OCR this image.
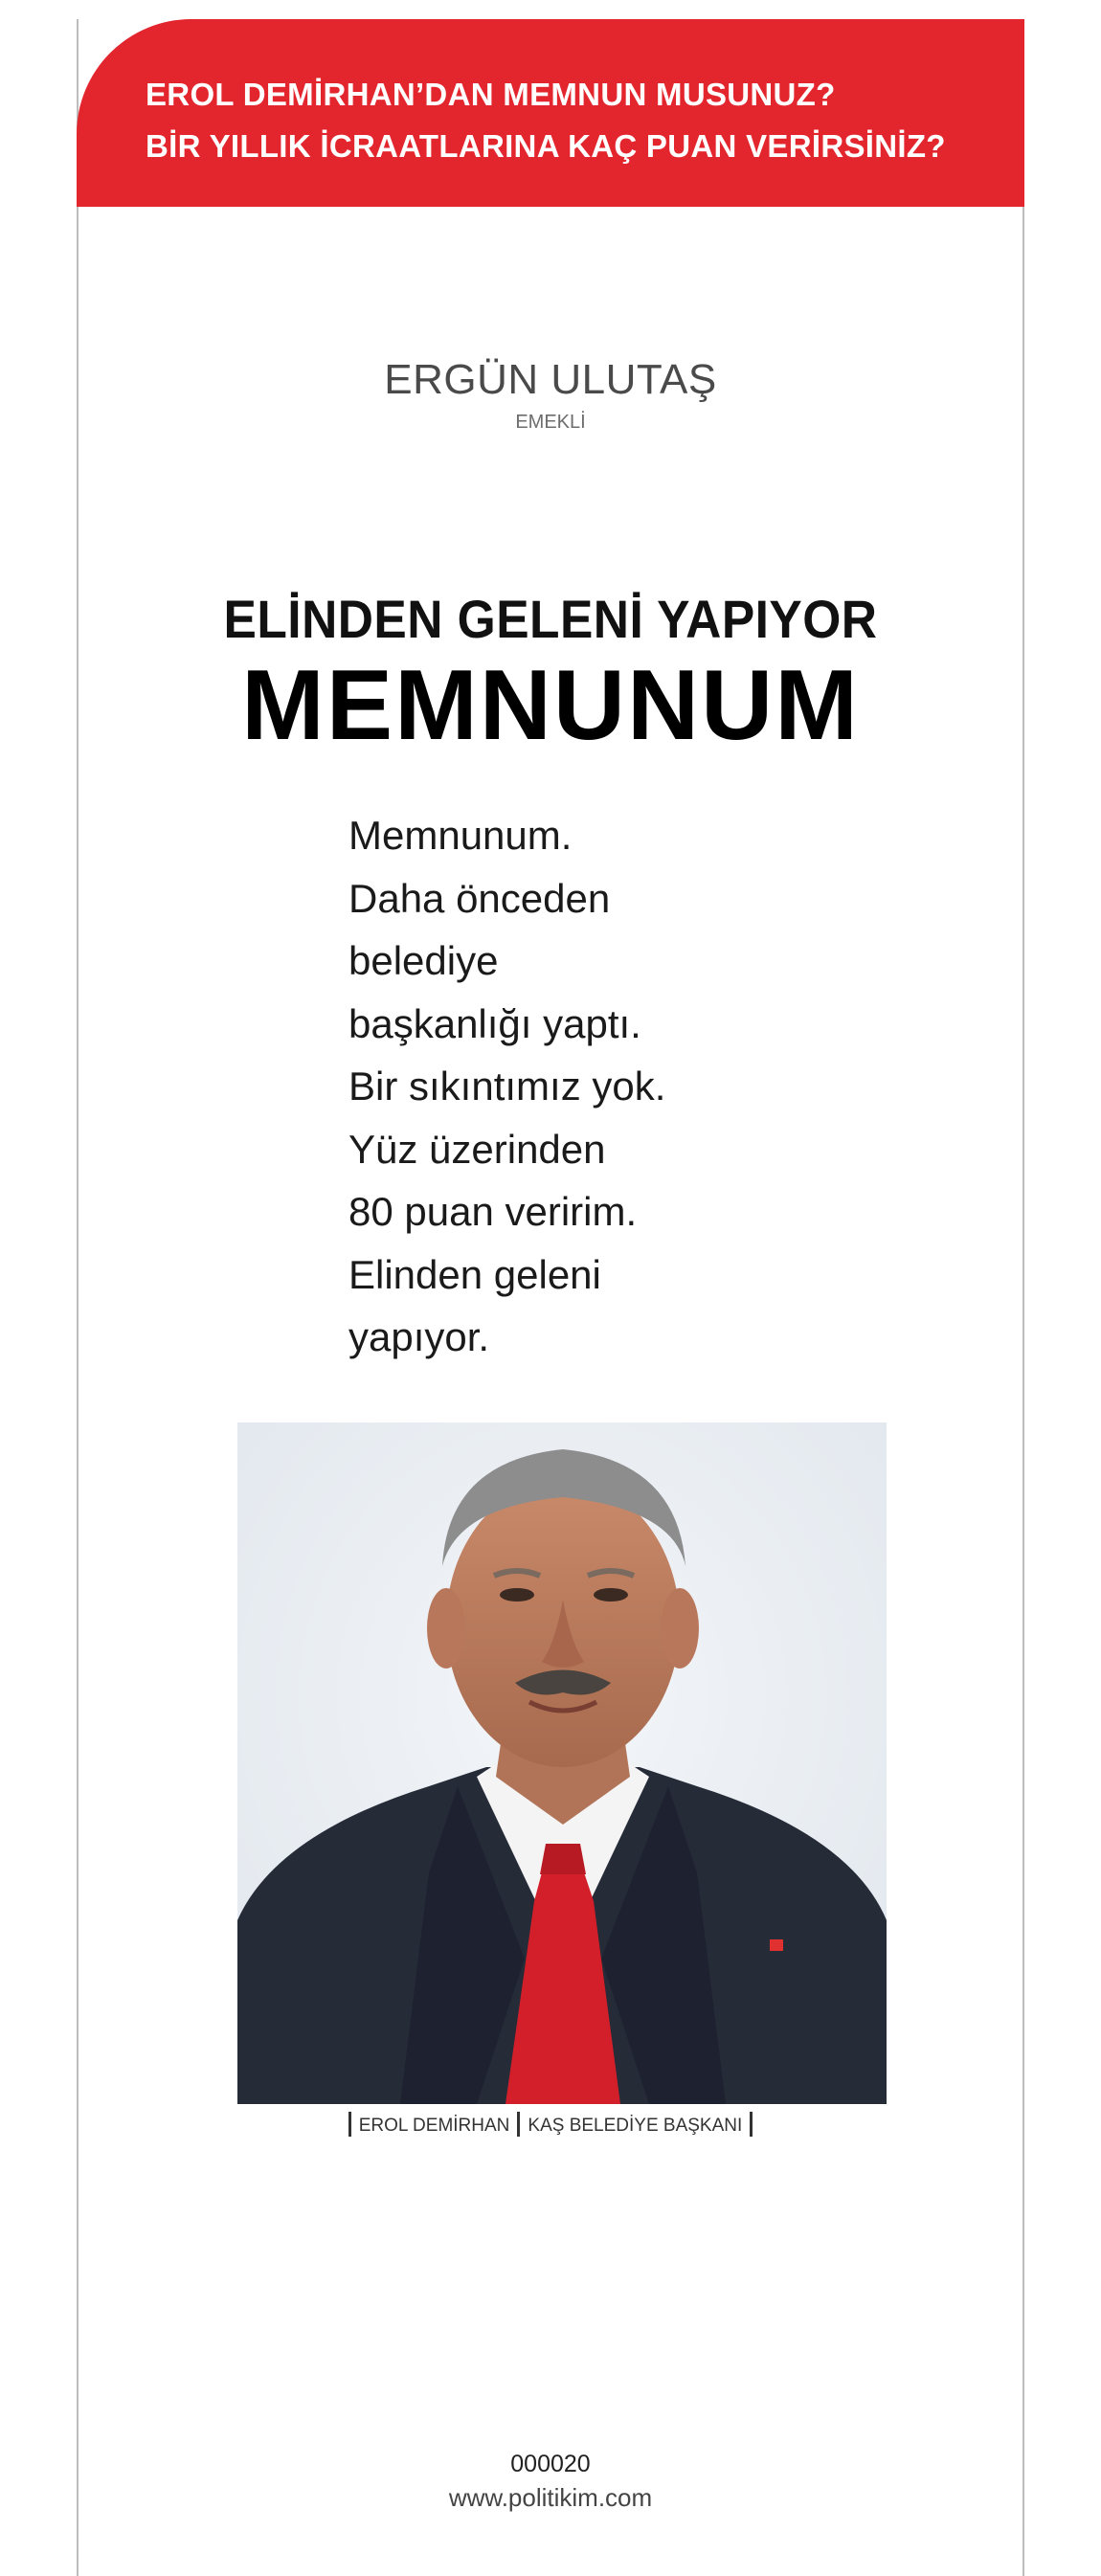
EROL DEMİRHAN’DAN MEMNUN MUSUNUZ?
BİR YILLIK İCRAATLARINA KAÇ PUAN VERİRSİNİZ?
ERGÜN ULUTAŞ
EMEKLİ
ELİNDEN GELENİ YAPIYOR
MEMNUNUM
Memnunum.
Daha önceden
belediye
başkanlığı yaptı.
Bir sıkıntımız yok.
Yüz üzerinden
80 puan veririm.
Elinden geleni
yapıyor.
EROL DEMİRHAN KAŞ BELEDİYE BAŞKANI
000020
www.politikim.com
